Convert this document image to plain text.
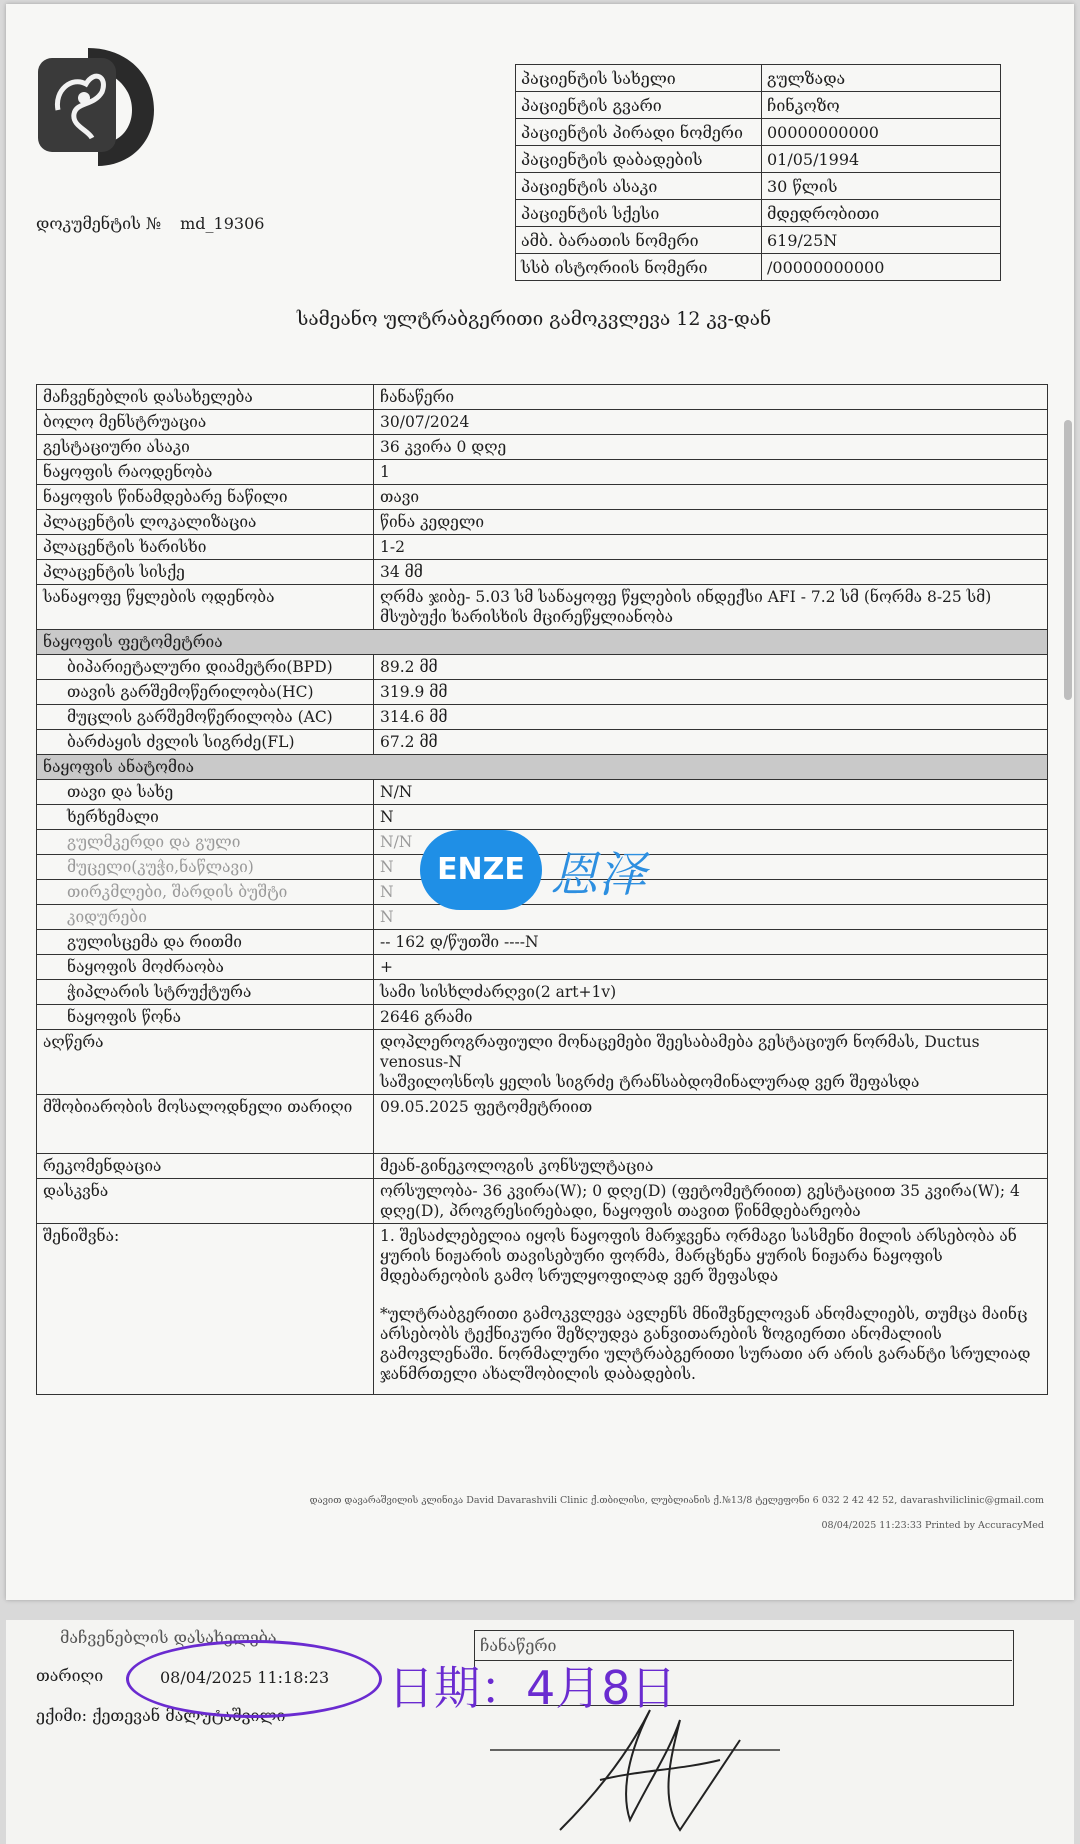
დოკუმენტის № md_19306
პაციენტის სახელი	გულზადა
პაციენტის გვარი	ჩინკოზო
პაციენტის პირადი ნომერი	00000000000
პაციენტის დაბადების	01/05/1994
პაციენტის ასაკი	30 წლის
პაციენტის სქესი	მდედრობითი
ამბ. ბარათის ნომერი	619/25N
სსბ ისტორიის ნომერი	/00000000000
სამეანო ულტრაბგერითი გამოკვლევა 12 კვ-დან
მაჩვენებლის დასახელება	ჩანაწერი
ბოლო მენსტრუაცია	30/07/2024
გესტაციური ასაკი	36 კვირა 0 დღე
ნაყოფის რაოდენობა	1
ნაყოფის წინამდებარე ნაწილი	თავი
პლაცენტის ლოკალიზაცია	წინა კედელი
პლაცენტის ხარისხი	1-2
პლაცენტის სისქე	34 მმ
სანაყოფე წყლების ოდენობა	ღრმა ჯიბე- 5.03 სმ სანაყოფე წყლების ინდექსი AFI - 7.2 სმ (ნორმა 8-25 სმ)
მსუბუქი ხარისხის მცირეწყლიანობა

ნაყოფის ფეტომეტრია	
ბიპარიეტალური დიამეტრი(BPD)	89.2 მმ
თავის გარშემოწერილობა(HC)	319.9 მმ
მუცლის გარშემოწერილობა (AC)	314.6 მმ
ბარძაყის ძვლის სიგრძე(FL)	67.2 მმ
ნაყოფის ანატომია	
თავი და სახე	N/N
ხერხემალი	N
გულმკერდი და გული	N/N
მუცელი(კუჭი,ნაწლავი)	N
თირკმლები, შარდის ბუშტი	N
კიდურები	N
გულისცემა და რითმი	-- 162 დ/წუთში ----N
ნაყოფის მოძრაობა	+
ჭიპლარის სტრუქტურა	სამი სისხლძარღვი(2 art+1v)
ნაყოფის წონა	2646 გრამი
აღწერა	დოპლეროგრაფიული მონაცემები შეესაბამება გესტაციურ ნორმას, Ductus venosus-N
საშვილოსნოს ყელის სიგრძე ტრანსაბდომინალურად ვერ შეფასდა

მშობიარობის მოსალოდნელი თარიღი	09.05.2025 ფეტომეტრიით
რეკომენდაცია	მეან-გინეკოლოგის კონსულტაცია
დასკვნა	ორსულობა- 36 კვირა(W); 0 დღე(D) (ფეტომეტრიით) გესტაციით 35 კვირა(W); 4 დღე(D), პროგრესირებადი, ნაყოფის თავით წინმდებარეობა
შენიშვნა:	1. შესაძლებელია იყოს ნაყოფის მარჯვენა ორმაგი სასმენი მილის არსებობა ან ყურის ნიჟარის თავისებური ფორმა, მარცხენა ყურის ნიჟარა ნაყოფის მდებარეობის გამო სრულყოფილად ვერ შეფასდა
*ულტრაბგერითი გამოკვლევა ავლენს მნიშვნელოვან ანომალიებს, თუმცა მაინც არსებობს ტექნიკური შეზღუდვა განვითარების ზოგიერთი ანომალიის გამოვლენაში. ნორმალური ულტრაბგერითი სურათი არ არის გარანტი სრულიად ჯანმრთელი ახალშობილის დაბადების.
ENZE 恩泽
დავით დავარაშვილის კლინიკა David Davarashvili Clinic ქ.თბილისი, ლუბლიანის ქ.№13/8 ტელეფონი 6 032 2 42 42 52, davarashviliclinic@gmail.com
08/04/2025 11:23:33 Printed by AccuracyMed
მაჩვენებლის დასახელება	ჩანაწერი
თარიღი	08/04/2025 11:18:23
ექიმი: ქეთევან მალუტაშვილი
日期：4月8日
